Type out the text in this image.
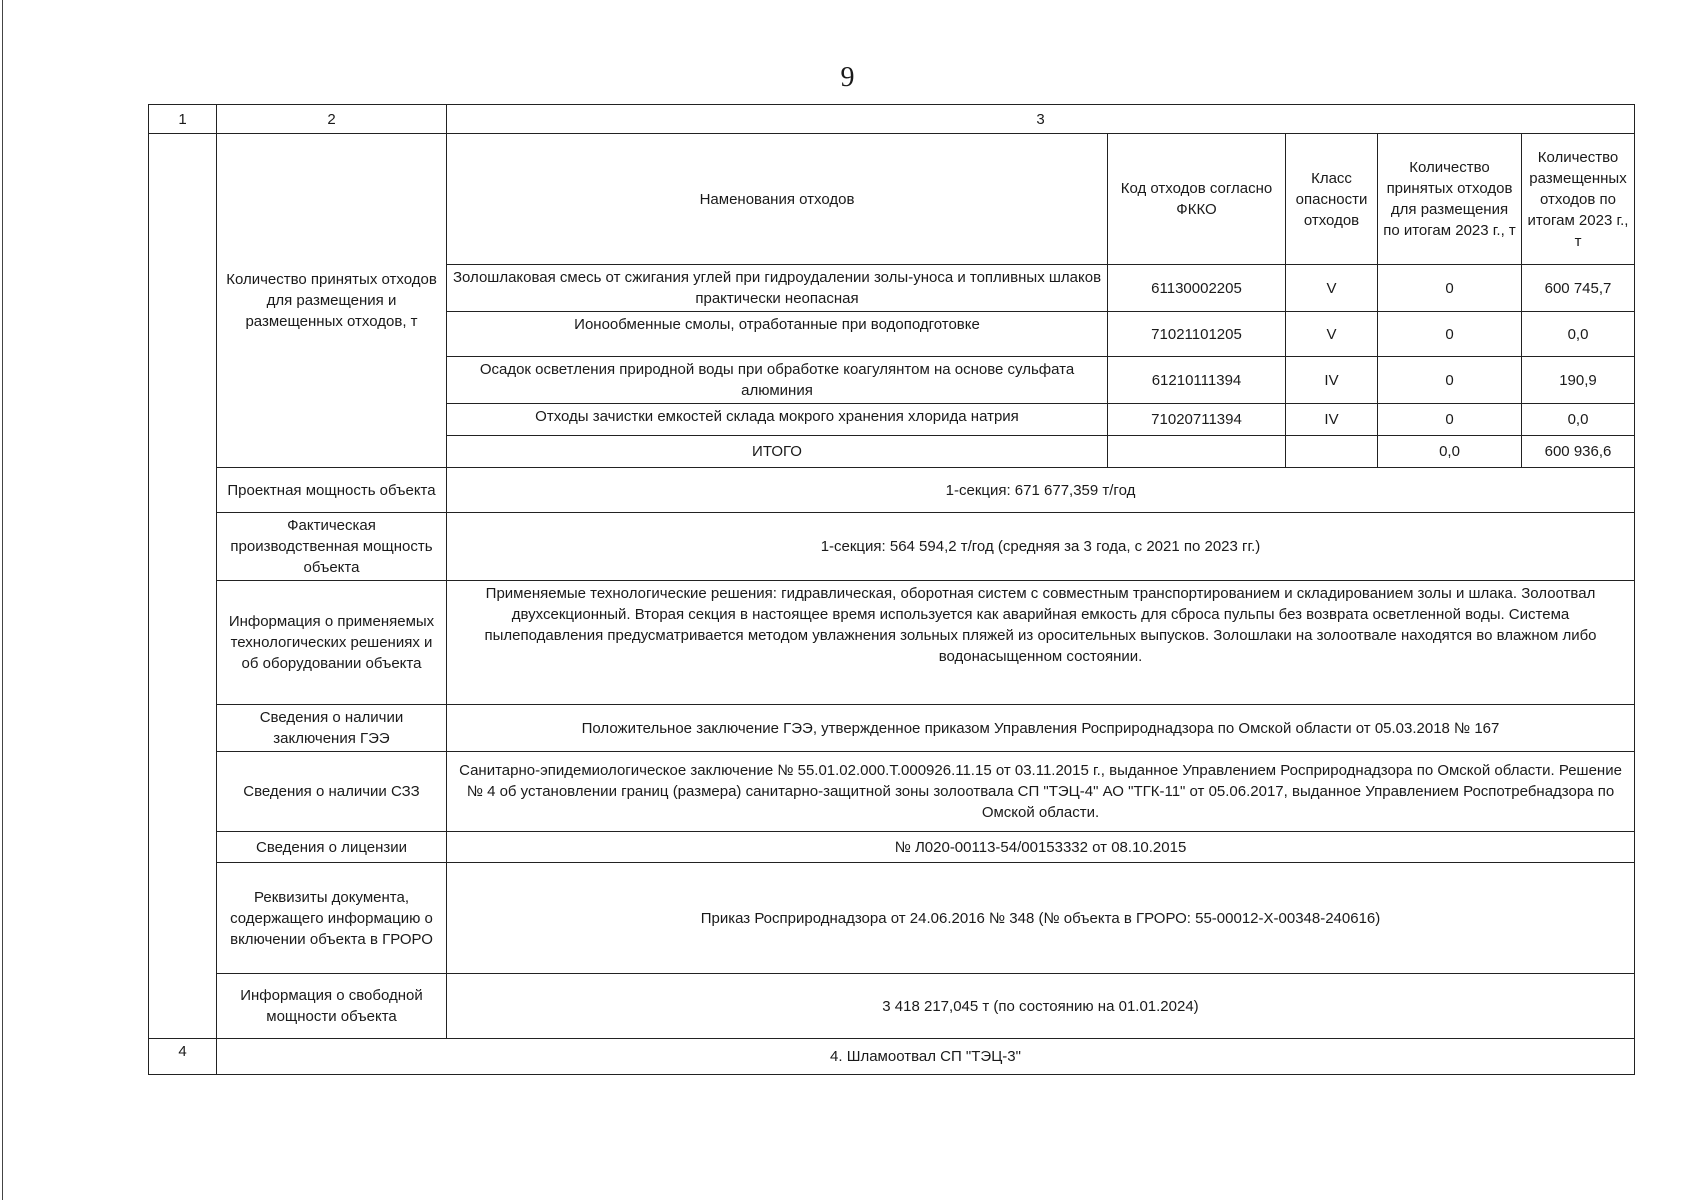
9
1	2	3				
	Количество принятых отходов для размещения и размещенных отходов, т	Наменования отходов	Код отходов согласно ФККО	Класс опасности отходов	Количество принятых отходов для размещения по итогам 2023 г., т	Количество размещенных отходов по итогам 2023 г., т
		Золошлаковая смесь от сжигания углей при гидроудалении золы-уноса и топливных шлаков практически неопасная	61130002205	V	0	600 745,7
		Ионообменные смолы, отработанные при водоподготовке	71021101205	V	0	0,0
		Осадок осветления природной воды при обработке коагулянтом на основе сульфата алюминия	61210111394	IV	0	190,9
		Отходы зачистки емкостей склада мокрого хранения хлорида натрия	71020711394	IV	0	0,0
		ИТОГО			0,0	600 936,6
	Проектная мощность объекта	1-секция: 671 677,359 т/год				
	Фактическая производственная мощность объекта	1-секция: 564 594,2 т/год (средняя за 3 года, с 2021 по 2023 гг.)				
	Информация о применяемых технологических решениях и об оборудовании объекта	Применяемые технологические решения: гидравлическая, оборотная систем с совместным транспортированием и складированием золы и шлака. Золоотвал двухсекционный. Вторая секция в настоящее время используется как аварийная емкость для сброса пульпы без возврата осветленной воды. Система пылеподавления предусматривается методом увлажнения зольных пляжей из оросительных выпусков. Золошлаки на золоотвале находятся во влажном либо водонасыщенном состоянии.				
	Сведения о наличии заключения ГЭЭ	Положительное заключение ГЭЭ, утвержденное приказом Управления Росприроднадзора по Омской области от 05.03.2018 № 167				
	Сведения о наличии СЗЗ	Санитарно-эпидемиологическое заключение № 55.01.02.000.Т.000926.11.15 от 03.11.2015 г., выданное Управлением Росприроднадзора по Омской области. Решение № 4 об установлении границ (размера) санитарно-защитной зоны золоотвала СП "ТЭЦ-4" АО "ТГК-11" от 05.06.2017, выданное Управлением Роспотребнадзора по Омской области.				
	Сведения о лицензии	№ Л020-00113-54/00153332 от 08.10.2015				
	Реквизиты документа, содержащего информацию о включении объекта в ГРОРО	Приказ Росприроднадзора от 24.06.2016 № 348 (№ объекта в ГРОРО: 55-00012-Х-00348-240616)				
	Информация о свободной мощности объекта	3 418 217,045 т (по состоянию на 01.01.2024)				
4	4. Шламоотвал СП "ТЭЦ-3"					
